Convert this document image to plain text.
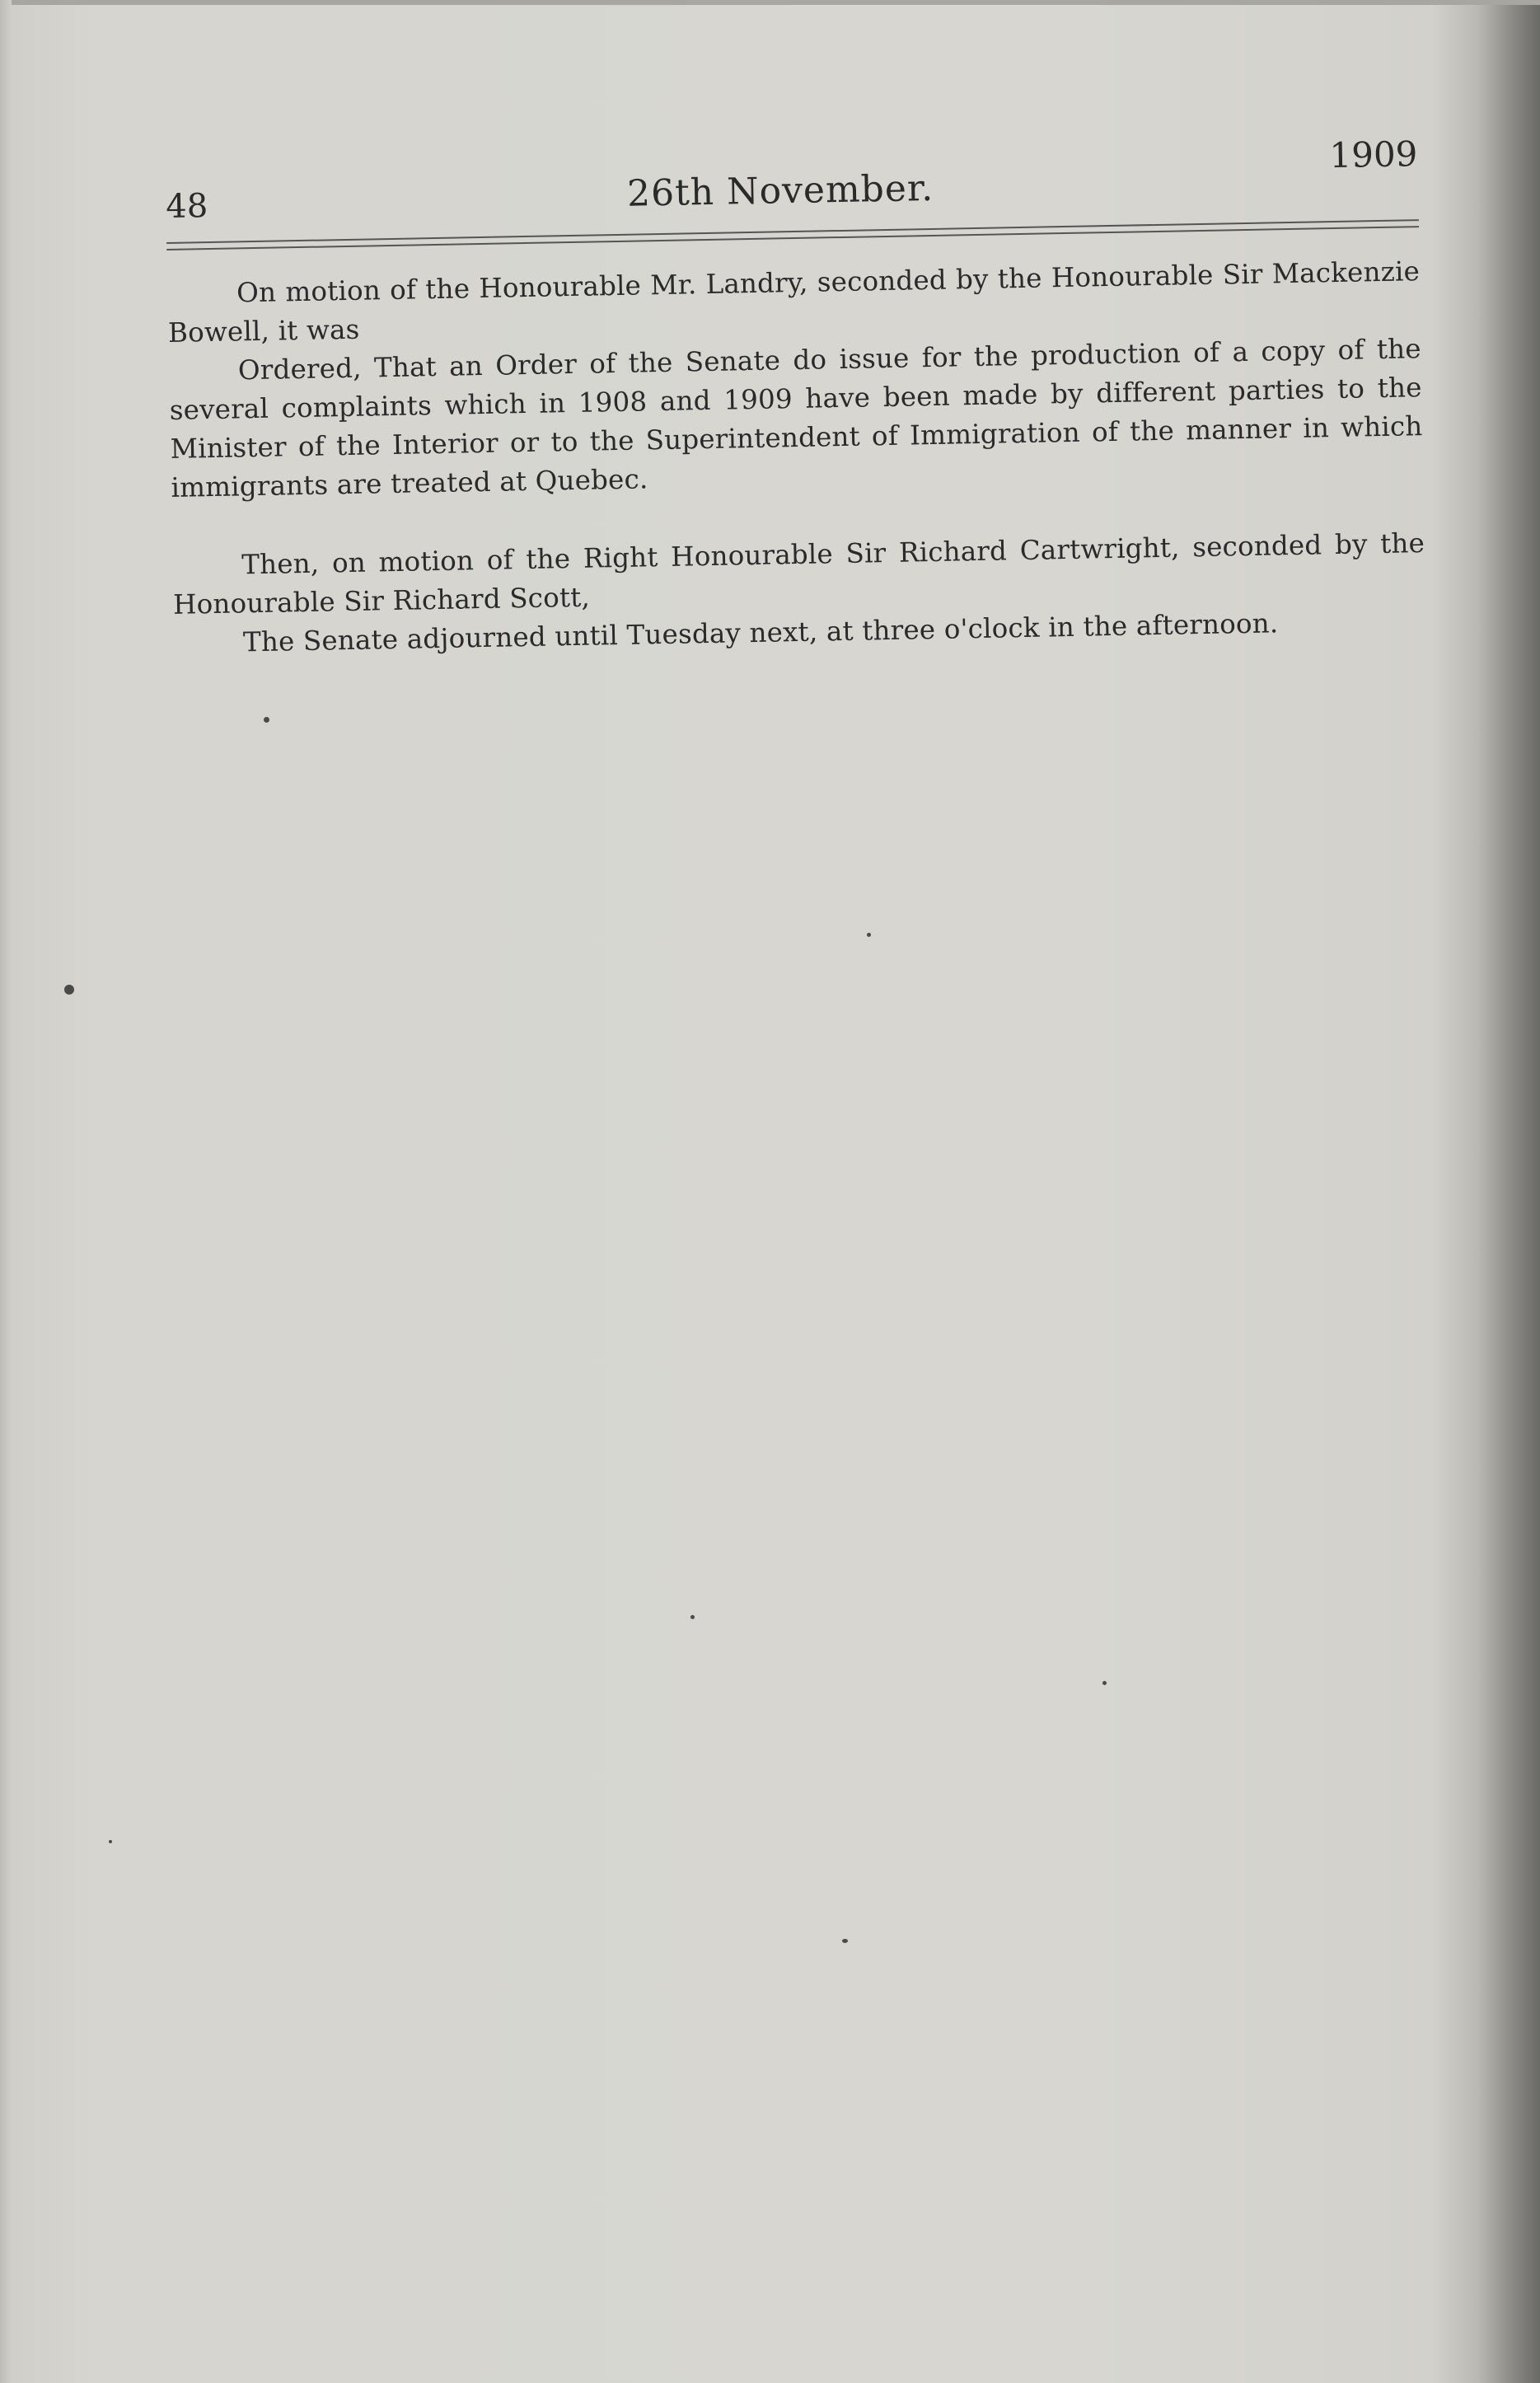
48	26th November.
1909

On motion of the Honourable Mr. Landry, seconded by the Honourable Sir Mackenzie Bowell, it was

Ordered, That an Order of the Senate do issue for the production of a copy of the several complaints which in 1908 and 1909 have been made by different parties to the Minister of the Interior or to the Superintendent of Immigration of the manner in which immigrants are treated at Quebec.

Then, on motion of the Right Honourable Sir Richard Cartwright, seconded by the Honourable Sir Richard Scott,

The Senate adjourned until Tuesday next, at three o'clock in the afternoon.
